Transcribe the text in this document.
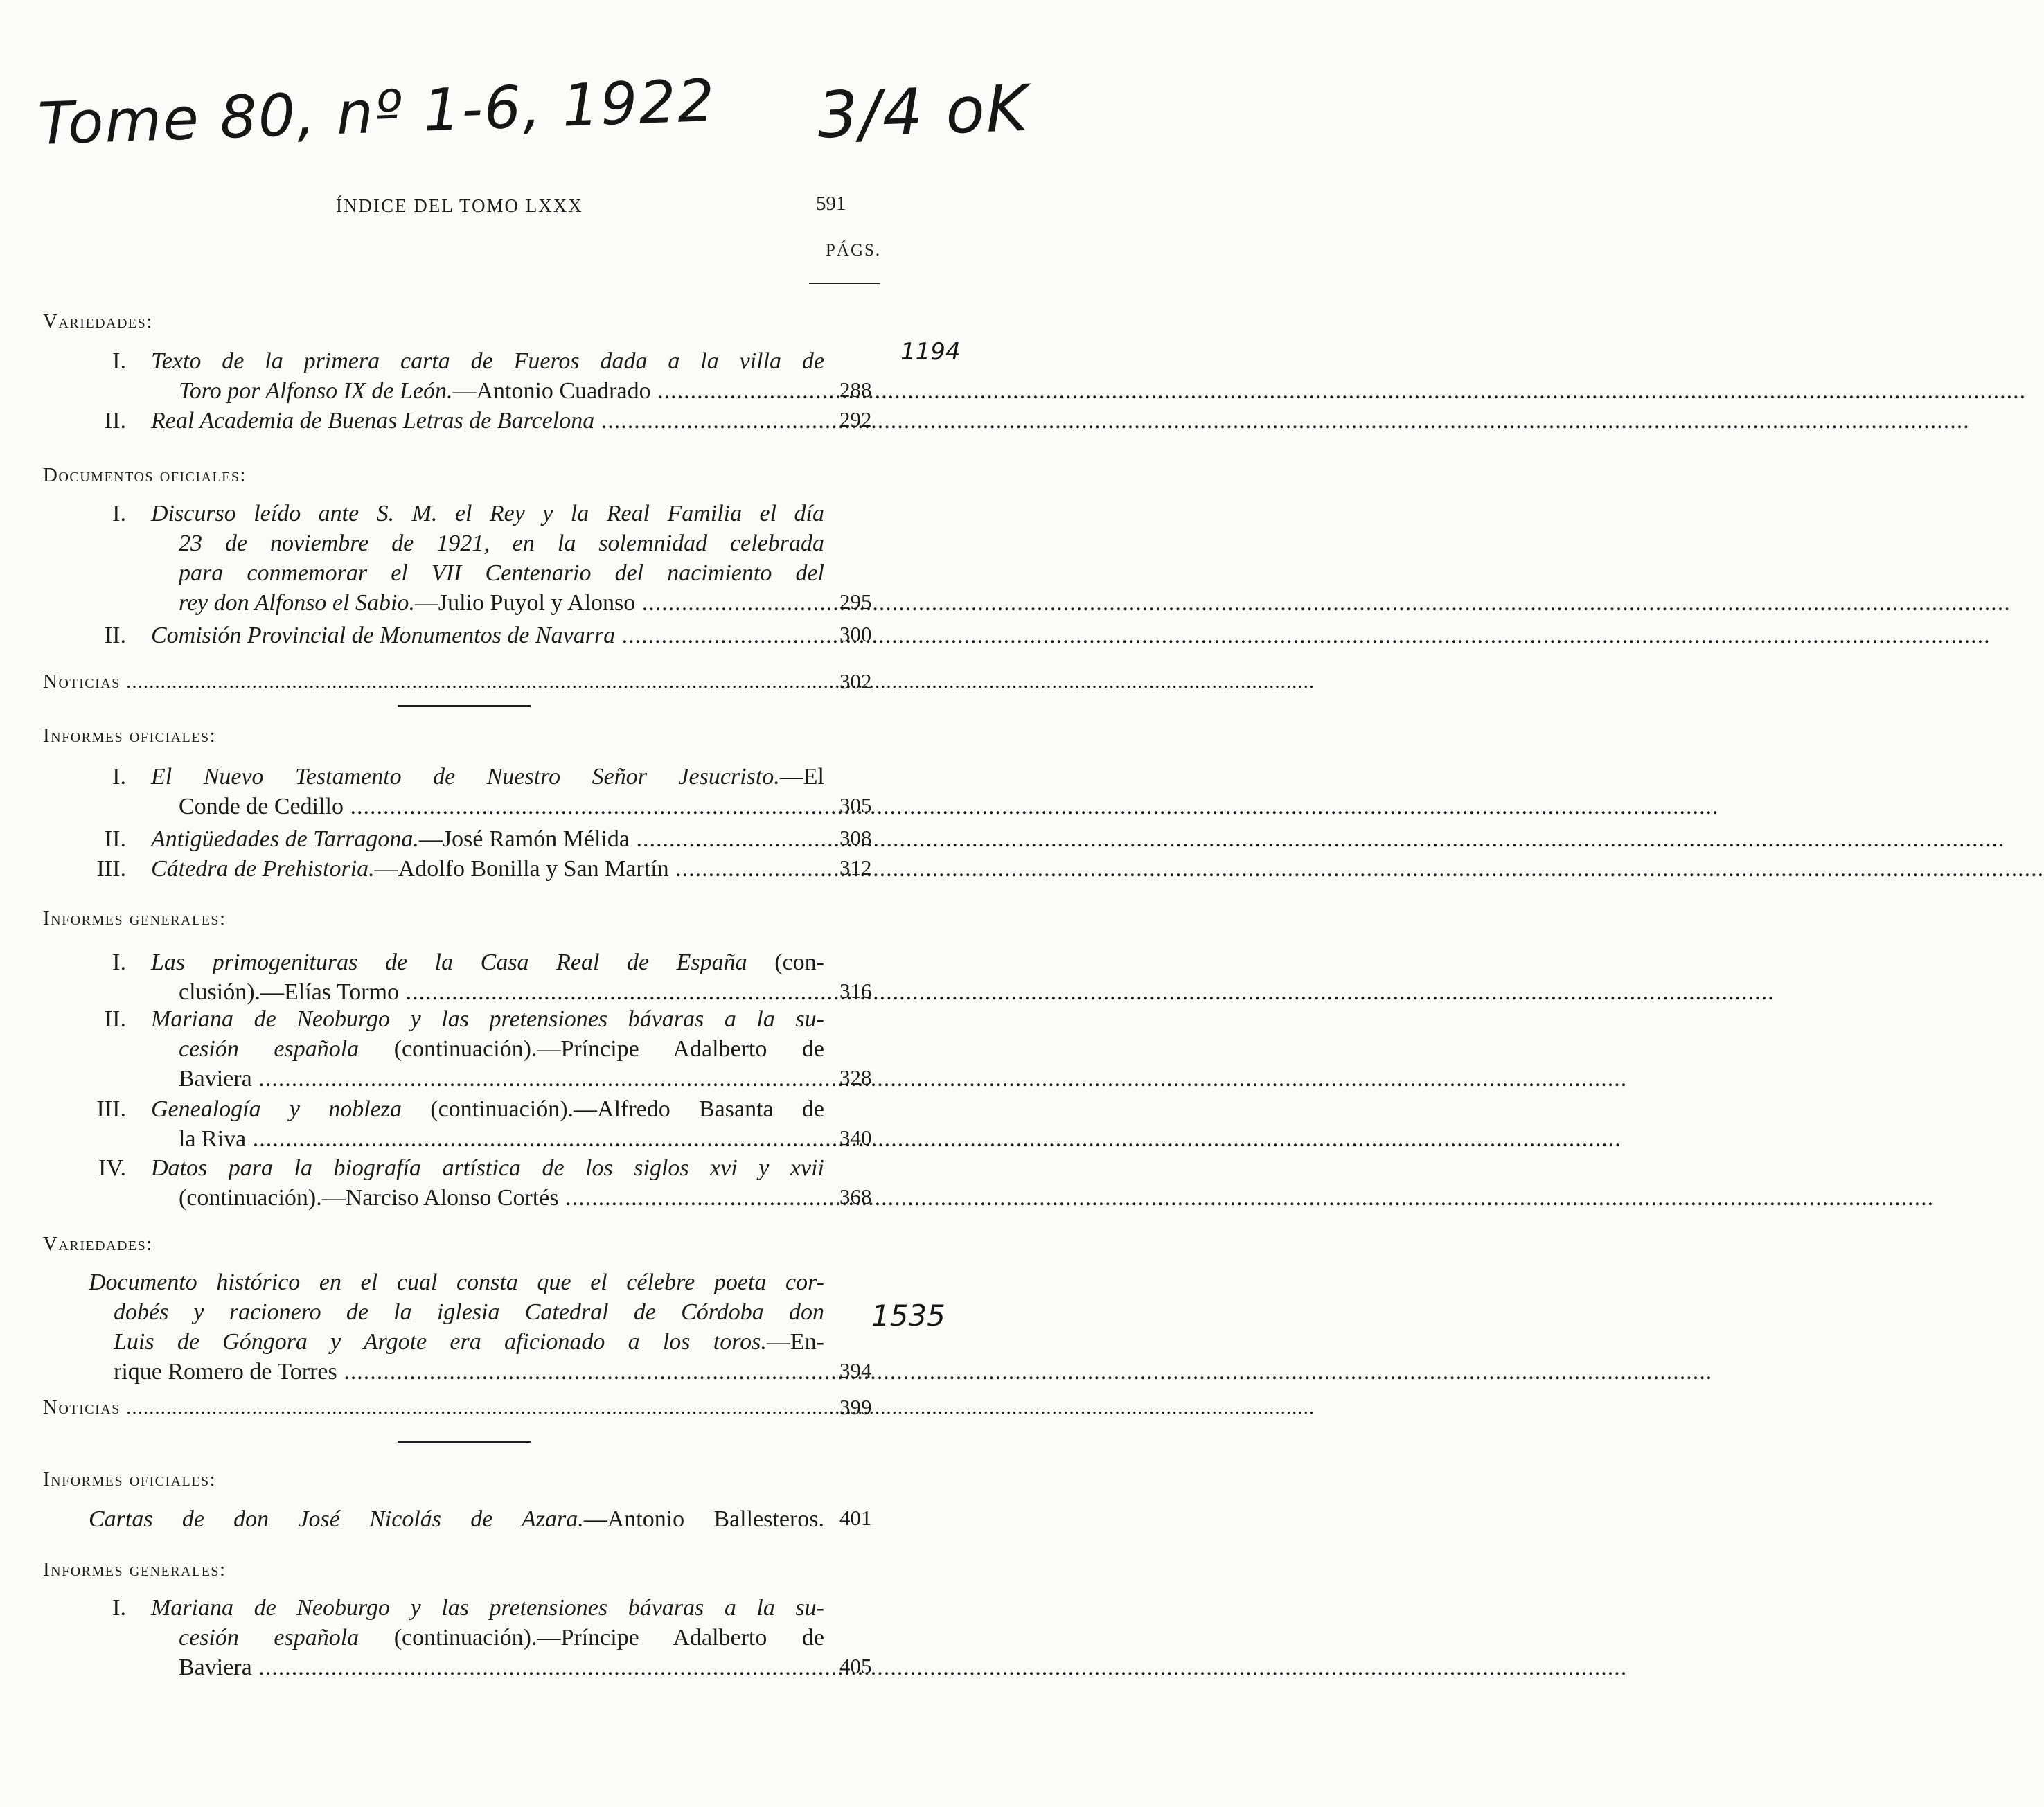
Tome 80, nº 1-6, 1922 3/4 oK
1194
1535
ÍNDICE DEL TOMO LXXX	591
PÁGS.
Variedades:
I. Texto de la primera carta de Fueros dada a la villa de
Toro por Alfonso IX de León.—Antonio Cuadrado .....	288
II. Real Academia de Buenas Letras de Barcelona .....	292
Documentos oficiales:
I. Discurso leído ante S. M. el Rey y la Real Familia el día
23 de noviembre de 1921, en la solemnidad celebrada
para conmemorar el VII Centenario del nacimiento del
rey don Alfonso el Sabio.—Julio Puyol y Alonso .....	295
II. Comisión Provincial de Monumentos de Navarra .....	300
Noticias .....	302
Informes oficiales:
I. El Nuevo Testamento de Nuestro Señor Jesucristo.—El
Conde de Cedillo .....	305
II. Antigüedades de Tarragona.—José Ramón Mélida .....	308
III. Cátedra de Prehistoria.—Adolfo Bonilla y San Martín .....	312
Informes generales:
I. Las primogenituras de la Casa Real de España (con-
clusión).—Elías Tormo .....	316
II. Mariana de Neoburgo y las pretensiones bávaras a la su-
cesión española (continuación).—Príncipe Adalberto de
Baviera .....	328
III. Genealogía y nobleza (continuación).—Alfredo Basanta de
la Riva .....	340
IV. Datos para la biografía artística de los siglos xvi y xvii
(continuación).—Narciso Alonso Cortés .....	368
Variedades:
Documento histórico en el cual consta que el célebre poeta cor-
dobés y racionero de la iglesia Catedral de Córdoba don
Luis de Góngora y Argote era aficionado a los toros.—En-
rique Romero de Torres .....	394
Noticias .....	399
Informes oficiales:
Cartas de don José Nicolás de Azara.—Antonio Ballesteros. 401
Informes generales:
I. Mariana de Neoburgo y las pretensiones bávaras a la su-
cesión española (continuación).—Príncipe Adalberto de
Baviera .....	405
